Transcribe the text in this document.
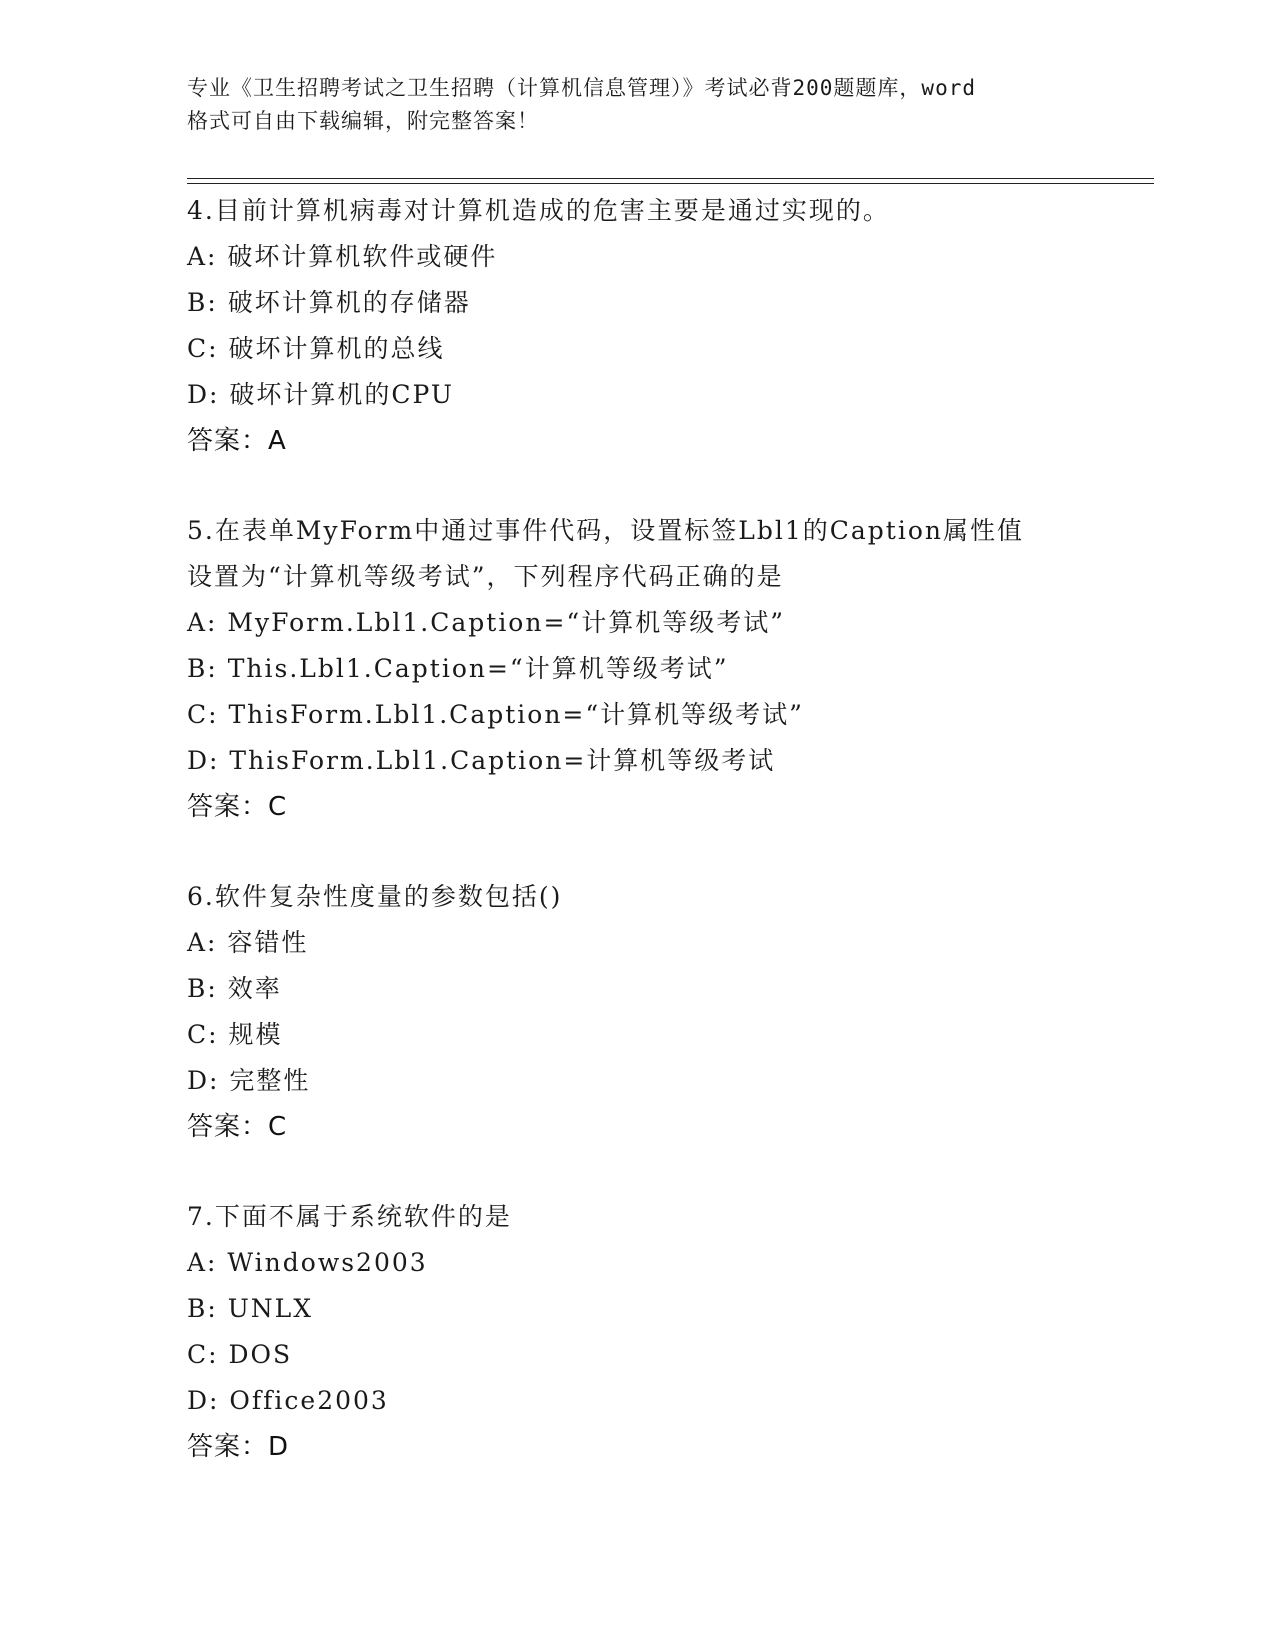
专业《卫生招聘考试之卫生招聘（计算机信息管理）》考试必背200题题库，word
格式可自由下载编辑，附完整答案！
4.目前计算机病毒对计算机造成的危害主要是通过实现的。
A: 破坏计算机软件或硬件
B: 破坏计算机的存储器
C: 破坏计算机的总线
D: 破坏计算机的CPU
答案：A
5.在表单MyForm中通过事件代码，设置标签Lbl1的Caption属性值
设置为“计算机等级考试”，下列程序代码正确的是
A: MyForm.Lbl1.Caption=“计算机等级考试”
B: This.Lbl1.Caption=“计算机等级考试”
C: ThisForm.Lbl1.Caption=“计算机等级考试”
D: ThisForm.Lbl1.Caption=计算机等级考试
答案：C
6.软件复杂性度量的参数包括()
A: 容错性
B: 效率
C: 规模
D: 完整性
答案：C
7.下面不属于系统软件的是
A: Windows2003
B: UNLX
C: DOS
D: Office2003
答案：D
